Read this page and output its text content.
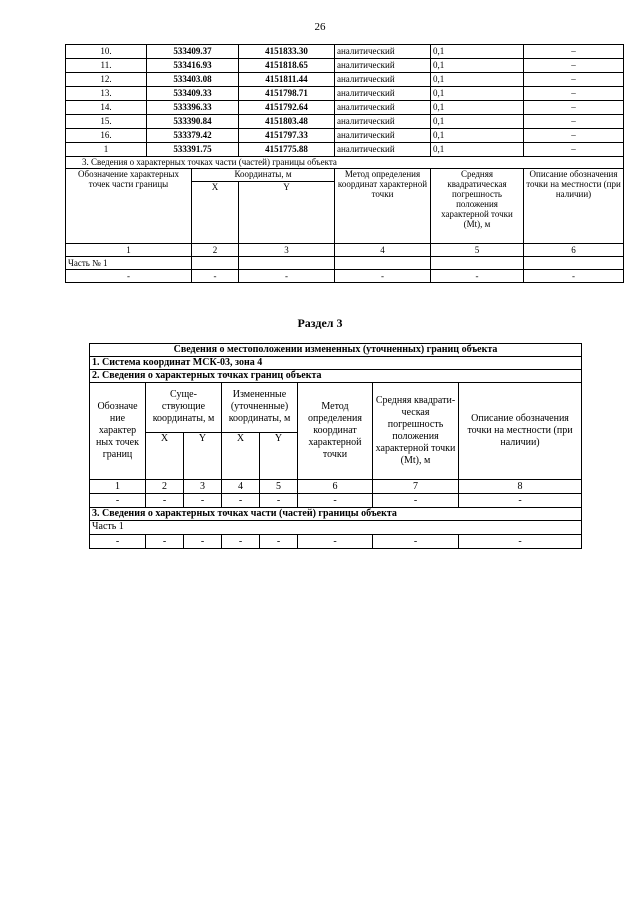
26
10.	533409.37		4151833.30	аналитический	0,1	–
11.	533416.93		4151818.65	аналитический	0,1	–
12.	533403.08		4151811.44	аналитический	0,1	–
13.	533409.33		4151798.71	аналитический	0,1	–
14.	533396.33		4151792.64	аналитический	0,1	–
15.	533390.84		4151803.48	аналитический	0,1	–
16.	533379.42		4151797.33	аналитический	0,1	–
1	533391.75		4151775.88	аналитический	0,1	–
3. Сведения о характерных точках части (частей) границы объекта						
Обозначение характерных точек части границы		Координаты, м		Метод определения координат характерной точки	Средняя квадратическая погрешность положения характерной точки (Mt), м	Описание обозначения точки на местности (при наличии)
		X	Y			
1		2	3	4	5	6
Часть № 1						
-		-	-	-	-	-
Раздел 3
Сведения о местоположении измененных (уточненных) границ объекта							
1. Система координат МСК-03, зона 4							
2. Сведения о характерных точках границ объекта							
Обозначе ние характер ных точек границ	Суще- ствующие координаты, м		Измененные (уточненные) координаты, м		Метод определения координат характерной точки	Средняя квадрати- ческая погрешность положения характерной точки (Mt), м	Описание обозначения точки на местности (при наличии)
	X	Y	X	Y			
1	2	3	4	5	6	7	8
-	-	-	-	-	-	-	-
3. Сведения о характерных точках части (частей) границы объекта							
Часть 1							
-	-	-	-	-	-	-	-
